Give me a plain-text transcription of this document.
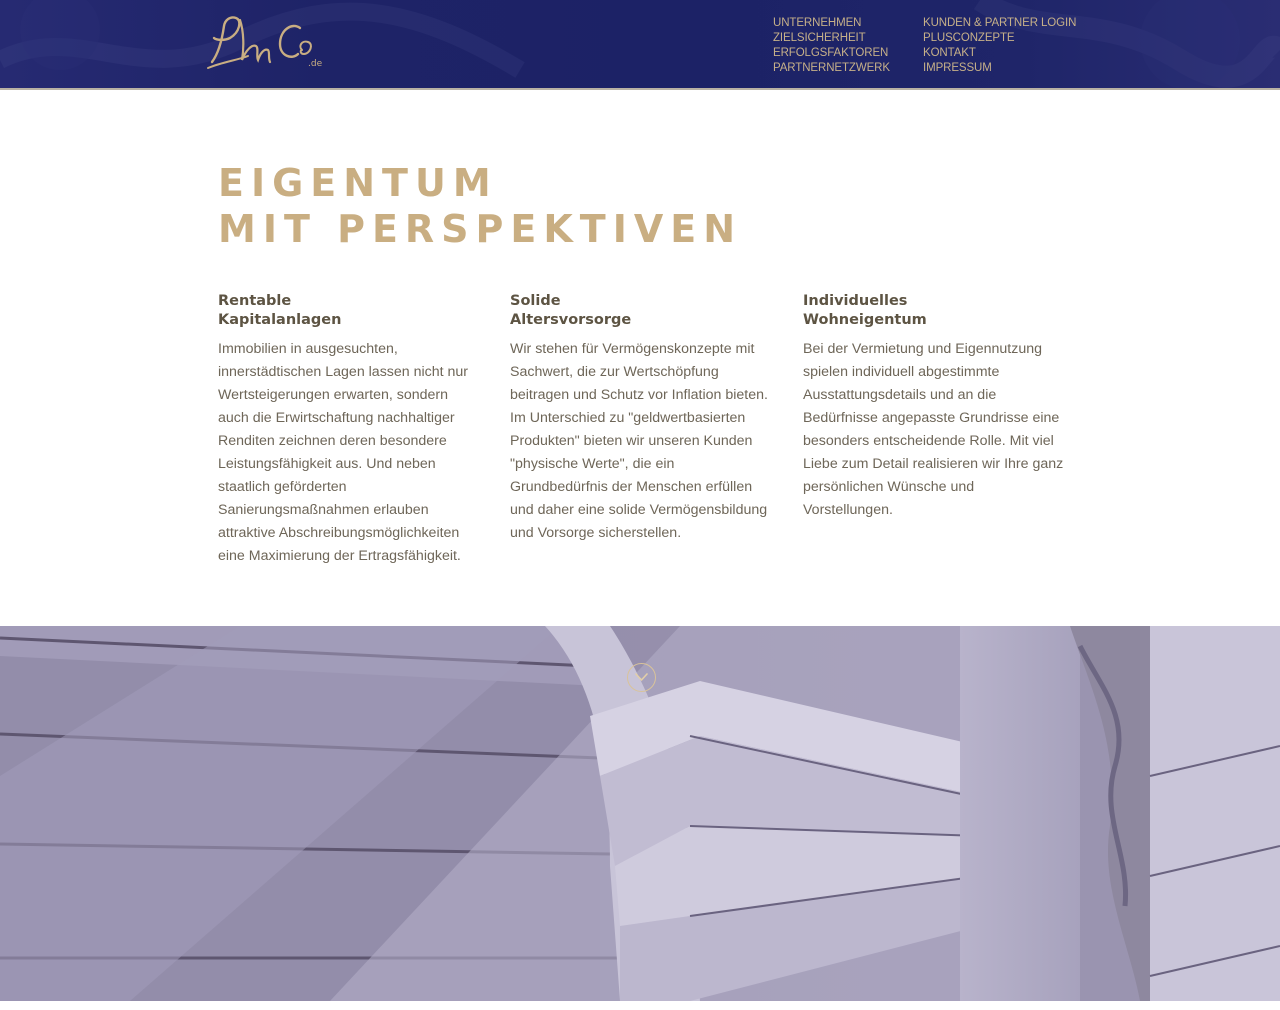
.de
UNTERNEHMEN
ZIELSICHERHEIT
ERFOLGSFAKTOREN
PARTNERNETZWERK
KUNDEN & PARTNER LOGIN
PLUSCONZEPTE
KONTAKT
IMPRESSUM
EIGENTUM
MIT PERSPEKTIVEN
Rentable
Kapitalanlagen

Immobilien in ausgesuchten, innerstädtischen Lagen lassen nicht nur Wertsteigerungen erwarten, sondern auch die Erwirtschaftung nachhaltiger Renditen zeichnen deren besondere Leistungsfähigkeit aus. Und neben staatlich geförderten Sanierungsmaßnahmen erlauben attraktive Abschreibungsmöglichkeiten eine Maximierung der Ertragsfähigkeit.

Solide
Altersvorsorge

Wir stehen für Vermögenskonzepte mit Sachwert, die zur Wertschöpfung beitragen und Schutz vor Inflation bieten. Im Unterschied zu "geldwertbasierten Produkten" bieten wir unseren Kunden "physische Werte", die ein Grundbedürfnis der Menschen erfüllen und daher eine solide Vermögensbildung und Vorsorge sicherstellen.

Individuelles
Wohneigentum

Bei der Vermietung und Eigennutzung spielen individuell abgestimmte Ausstattungsdetails und an die Bedürfnisse angepasste Grundrisse eine besonders entscheidende Rolle. Mit viel Liebe zum Detail realisieren wir Ihre ganz persönlichen Wünsche und Vorstellungen.
